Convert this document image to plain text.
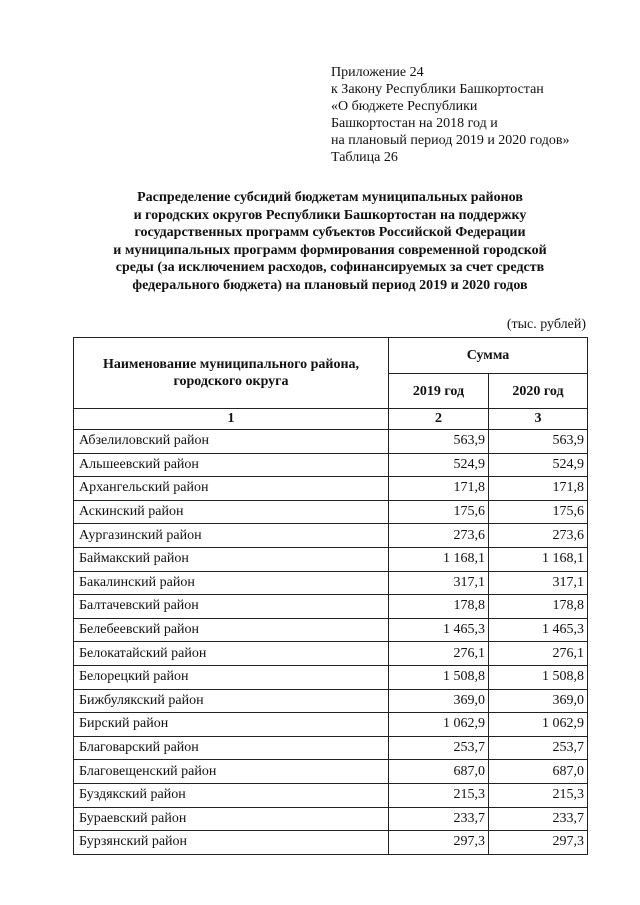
Приложение 24
к Закону Республики Башкортостан
«О бюджете Республики
Башкортостан на 2018 год и
на плановый период 2019 и 2020 годов»
Таблица 26
Распределение субсидий бюджетам муниципальных районов
и городских округов Республики Башкортостан на поддержку
государственных программ субъектов Российской Федерации
и муниципальных программ формирования современной городской
среды (за исключением расходов, софинансируемых за счет средств
федерального бюджета) на плановый период 2019 и 2020 годов
(тыс. рублей)
Наименование муниципального района,
городского округа	Сумма	
	2019 год	2020 год
1	2	3
Абзелиловский район	563,9	563,9
Альшеевский район	524,9	524,9
Архангельский район	171,8	171,8
Аскинский район	175,6	175,6
Аургазинский район	273,6	273,6
Баймакский район	1 168,1	1 168,1
Бакалинский район	317,1	317,1
Балтачевский район	178,8	178,8
Белебеевский район	1 465,3	1 465,3
Белокатайский район	276,1	276,1
Белорецкий район	1 508,8	1 508,8
Бижбулякский район	369,0	369,0
Бирский район	1 062,9	1 062,9
Благоварский район	253,7	253,7
Благовещенский район	687,0	687,0
Буздякский район	215,3	215,3
Бураевский район	233,7	233,7
Бурзянский район	297,3	297,3
